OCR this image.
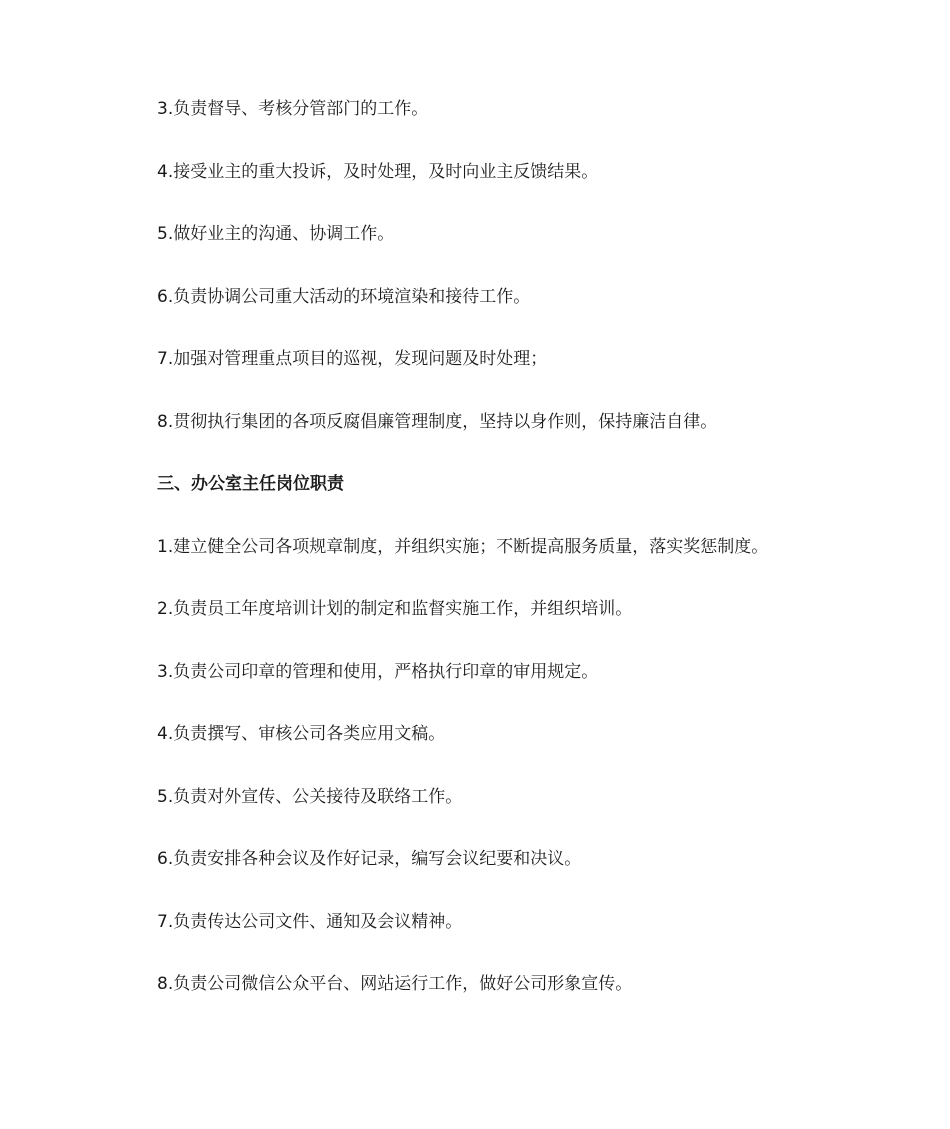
3.负责督导、考核分管部门的工作。
4.接受业主的重大投诉，及时处理，及时向业主反馈结果。
5.做好业主的沟通、协调工作。
6.负责协调公司重大活动的环境渲染和接待工作。
7.加强对管理重点项目的巡视，发现问题及时处理；
8.贯彻执行集团的各项反腐倡廉管理制度，坚持以身作则，保持廉洁自律。
三、办公室主任岗位职责
1.建立健全公司各项规章制度，并组织实施；不断提高服务质量，落实奖惩制度。
2.负责员工年度培训计划的制定和监督实施工作，并组织培训。
3.负责公司印章的管理和使用，严格执行印章的审用规定。
4.负责撰写、审核公司各类应用文稿。
5.负责对外宣传、公关接待及联络工作。
6.负责安排各种会议及作好记录，编写会议纪要和决议。
7.负责传达公司文件、通知及会议精神。
8.负责公司微信公众平台、网站运行工作，做好公司形象宣传。
